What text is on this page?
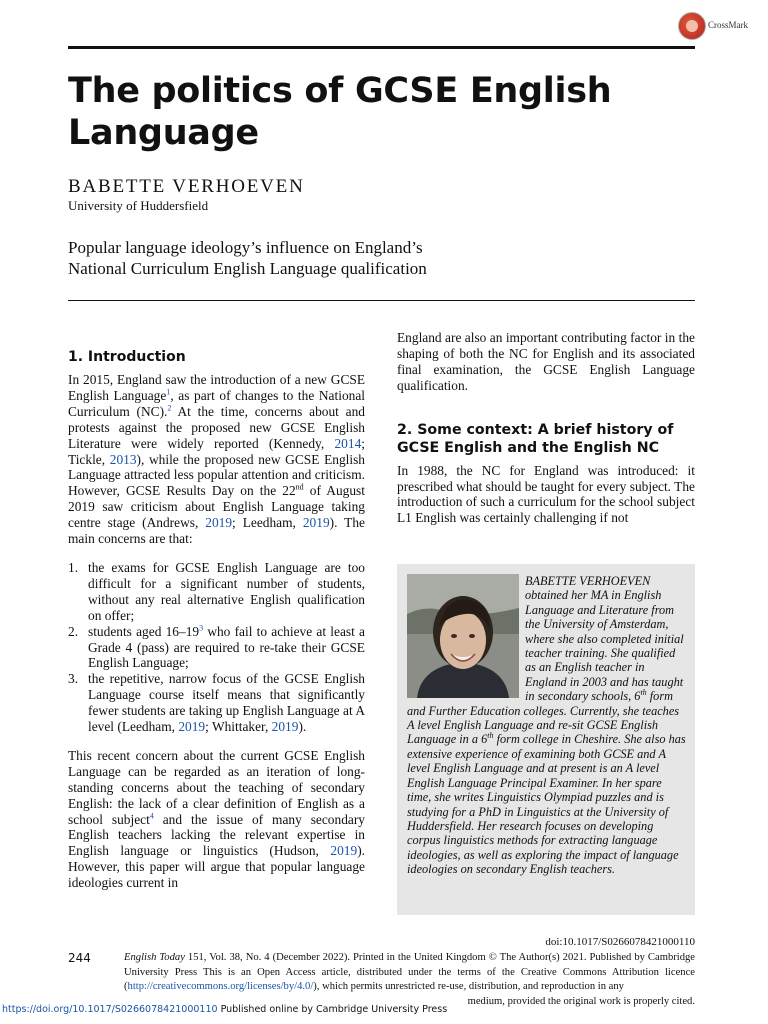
CrossMark
The politics of GCSE English Language
BABETTE VERHOEVEN
University of Huddersfield
Popular language ideology’s influence on England’s
National Curriculum English Language qualification
1. Introduction
In 2015, England saw the introduction of a new GCSE English Language$^1$, as part of changes to the National Curriculum (NC).$^2$ At the time, concerns about and protests against the proposed new GCSE English Literature were widely reported (Kennedy, 2014; Tickle, 2013), while the proposed new GCSE English Language attracted less popular attention and criticism. However, GCSE Results Day on the 22nd of August 2019 saw criticism about English Language taking centre stage (Andrews, 2019; Leedham, 2019). The main concerns are that:
1. the exams for GCSE English Language are too difficult for a significant number of students, without any real alternative English qualification on offer;
2. students aged $16-19^3$ who fail to achieve at least a Grade 4 (pass) are required to re-take their GCSE English Language;
3. the repetitive, narrow focus of the GCSE English Language course itself means that significantly fewer students are taking up English Language at A level (Leedham, 2019; Whittaker, 2019).
This recent concern about the current GCSE English Language can be regarded as an iteration of long-standing concerns about the teaching of secondary English: the lack of a clear definition of English as a school subject$^4$ and the issue of many secondary English teachers lacking the relevant expertise in English language or linguistics (Hudson, 2019). However, this paper will argue that popular language ideologies current in
England are also an important contributing factor in the shaping of both the NC for English and its associated final examination, the GCSE English Language qualification.
2. Some context: A brief history of
GCSE English and the English NC
In 1988, the NC for England was introduced: it prescribed what should be taught for every subject. The introduction of such a curriculum for the school subject L1 English was certainly challenging if not
BABETTE VERHOEVEN obtained her MA in English Language and Literature from the University of Amsterdam, where she also completed initial teacher training. She qualified as an English teacher in England in 2003 and has taught in secondary schools, 6th form and Further Education colleges. Currently, she teaches A level English Language and re-sit GCSE English Language in a 6th form college in Cheshire. She also has extensive experience of examining both GCSE and A level English Language and at present is an A level English Language Principal Examiner. In her spare time, she writes Linguistics Olympiad puzzles and is studying for a PhD in Linguistics at the University of Huddersfield. Her research focuses on developing corpus linguistics methods for extracting language ideologies, as well as exploring the impact of language ideologies on secondary English teachers.
doi:10.1017/S0266078421000110
244	English Today 151, Vol. 38, No. 4 (December 2022). Printed in the United Kingdom © The Author(s) 2021. Published by Cambridge University Press This is an Open Access article, distributed under the terms of the Creative Commons Attribution licence (http://creativecommons.org/licenses/by/4.0/), which permits unrestricted re-use, distribution, and reproduction in any
medium, provided the original work is properly cited.
https://doi.org/10.1017/S0266078421000110 Published online by Cambridge University Press
